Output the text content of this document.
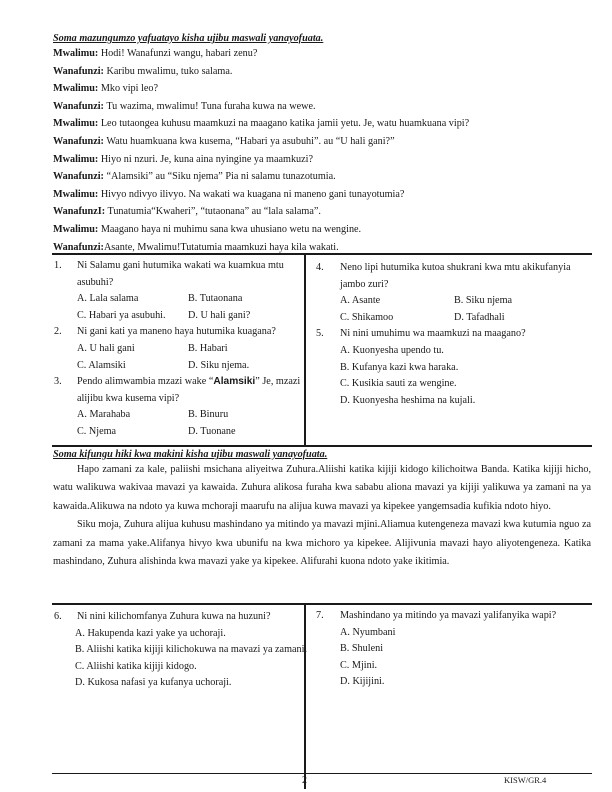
Soma mazungumzo yafuatayo kisha ujibu maswali yanayofuata.
Mwalimu: Hodi! Wanafunzi wangu, habari zenu?
Wanafunzi: Karibu mwalimu, tuko salama.
Mwalimu: Mko vipi leo?
Wanafunzi: Tu wazima, mwalimu! Tuna furaha kuwa na wewe.
Mwalimu: Leo tutaongea kuhusu maamkuzi na maagano katika jamii yetu. Je, watu huamkuana vipi?
Wanafunzi: Watu huamkuana kwa kusema, “Habari ya asubuhi”. au “U hali gani?”
Mwalimu: Hiyo ni nzuri. Je, kuna aina nyingine ya maamkuzi?
Wanafunzi: “Alamsiki” au “Siku njema” Pia ni salamu tunazotumia.
Mwalimu: Hivyo ndivyo ilivyo. Na wakati wa kuagana ni maneno gani tunayotumia?
WanafunzI: Tunatumia“Kwaheri”, “tutaonana” au “lala salama”.
Mwalimu: Maagano haya ni muhimu sana kwa uhusiano wetu na wengine.
Wanafunzi:Asante, Mwalimu!Tutatumia maamkuzi haya kila wakati.
1.	Ni Salamu gani hutumika wakati wa kuamkua mtu asubuhi?
A. Lala salama	B. Tutaonana
C. Habari ya asubuhi.	D. U hali gani?
2.	Ni gani kati ya maneno haya hutumika kuagana?
A. U hali gani	B. Habari
C. Alamsiki	D. Siku njema.
3.	Pendo alimwambia mzazi wake “Alamsiki” Je, mzazi alijibu kwa kusema vipi?
A. Marahaba	B. Binuru
C. Njema	D. Tuonane
4.	Neno lipi hutumika kutoa shukrani kwa mtu akikufanyia jambo zuri?
A. Asante	B. Siku njema
C. Shikamoo	D. Tafadhali
5.	Ni nini umuhimu wa maamkuzi na maagano?
A. Kuonyesha upendo tu.
B. Kufanya kazi kwa haraka.
C. Kusikia sauti za wengine.
D. Kuonyesha heshima na kujali.
Soma kifungu hiki kwa makini kisha ujibu maswali yanayofuata.

Hapo zamani za kale, paliishi msichana aliyeitwa Zuhura.Aliishi katika kijiji kidogo kilichoitwa Banda. Katika kijiji hicho, watu walikuwa wakivaa mavazi ya kawaida. Zuhura alikosa furaha kwa sababu aliona mavazi ya kijiji yalikuwa ya zamani na ya kawaida.Alikuwa na ndoto ya kuwa mchoraji maarufu na alijua kuwa mavazi ya kipekee yangemsadia kufikia ndoto hiyo.

Siku moja, Zuhura alijua kuhusu mashindano ya mitindo ya mavazi mjini.Aliamua kutengeneza mavazi kwa kutumia nguo za zamani za mama yake.Alifanya hivyo kwa ubunifu na kwa michoro ya kipekee. Alijivunia mavazi hayo aliyotengeneza. Katika mashindano, Zuhura alishinda kwa mavazi yake ya kipekee. Alifurahi kuona ndoto yake ikitimia.

6.	Ni nini kilichomfanya Zuhura kuwa na huzuni?
A. Hakupenda kazi yake ya uchoraji.
B. Aliishi katika kijiji kilichokuwa na mavazi ya zamani.
C. Aliishi katika kijiji kidogo.
D. Kukosa nafasi ya kufanya uchoraji.
7.	Mashindano ya mitindo ya mavazi yalifanyika wapi?
A. Nyumbani
B. Shuleni
C. Mjini.
D. Kijijini.
2	KISW/GR.4
